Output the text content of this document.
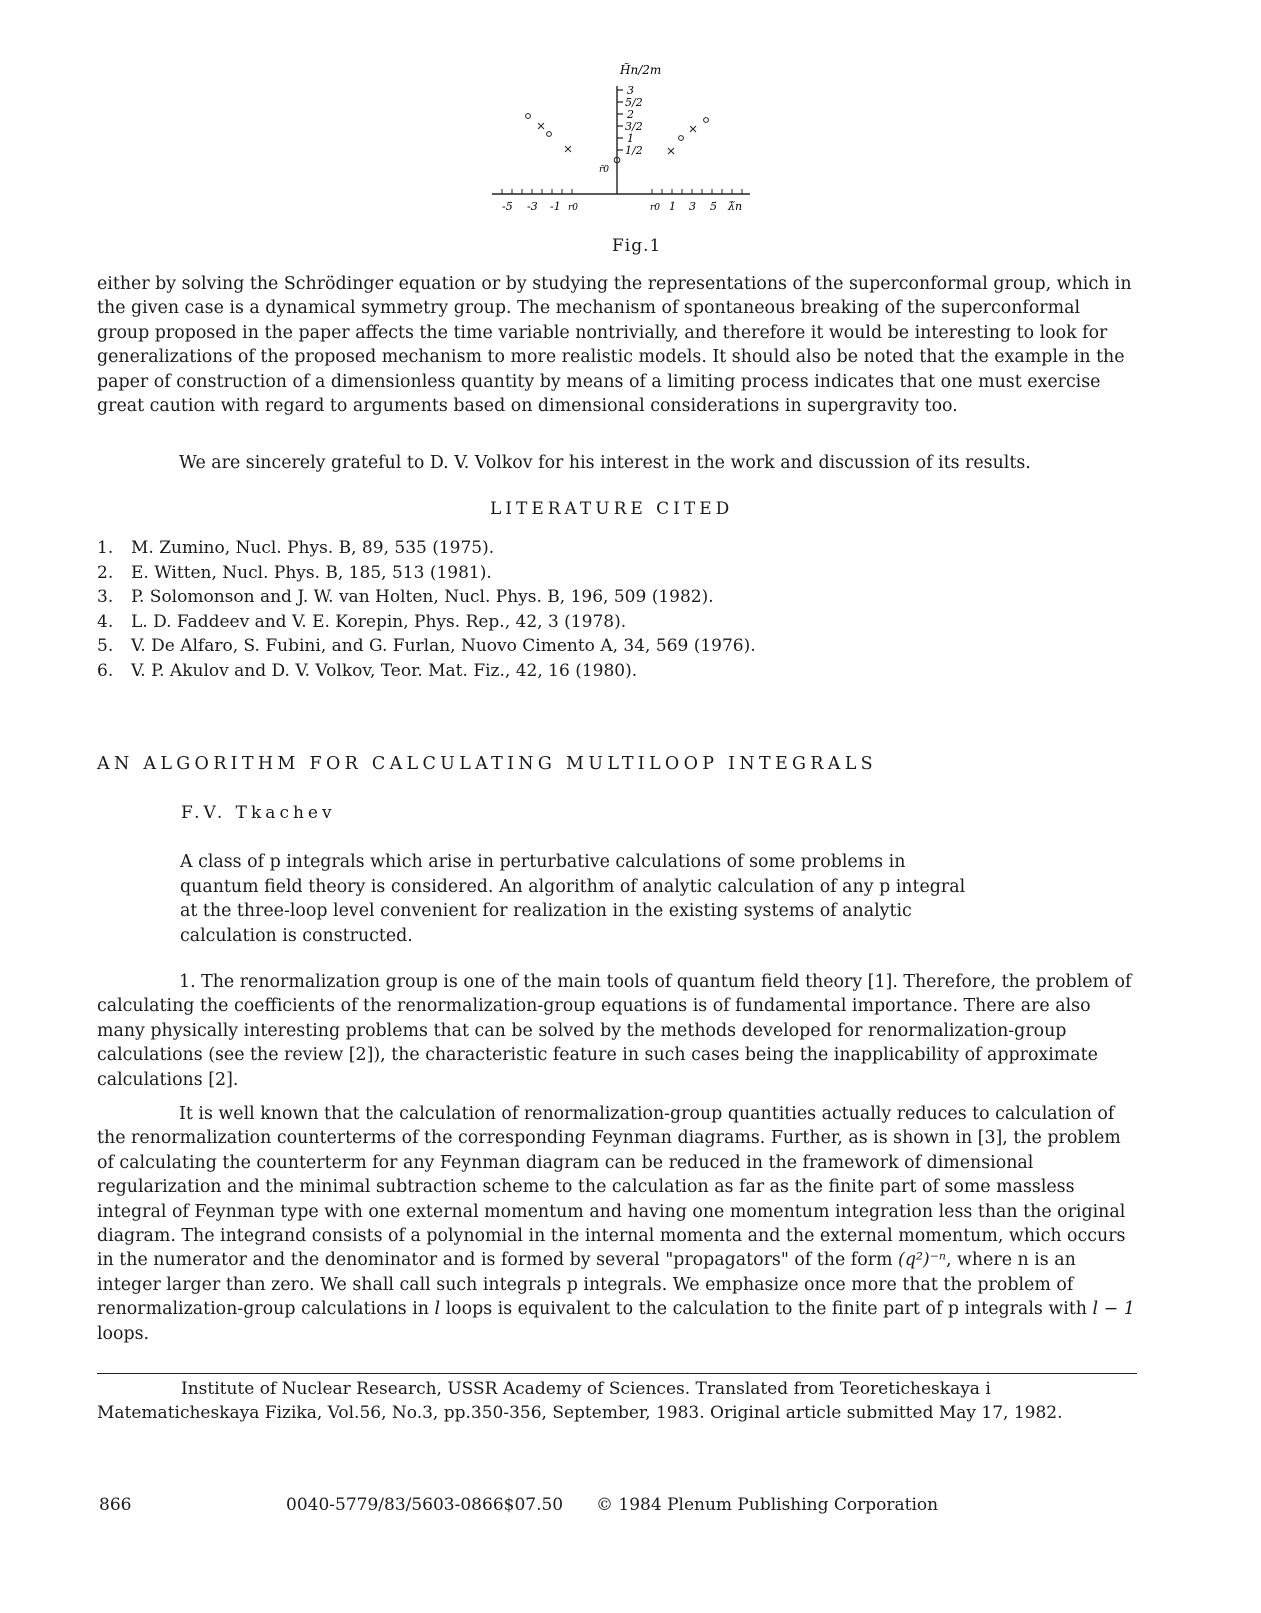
3
5/2
2
3/2
1
1/2
H̃n/2m
r̃0
-5 -3 -1 r0	r0 1 3 5 λ̃n
Fig.1

either by solving the Schrödinger equation or by studying the representations of the superconformal group, which in the given case is a dynamical symmetry group. The mechanism of spontaneous breaking of the superconformal group proposed in the paper affects the time variable nontrivially, and therefore it would be interesting to look for generalizations of the proposed mechanism to more realistic models. It should also be noted that the example in the paper of construction of a dimensionless quantity by means of a limiting process indicates that one must exercise great caution with regard to arguments based on dimensional considerations in supergravity too.

We are sincerely grateful to D. V. Volkov for his interest in the work and discussion of its results.

LITERATURE CITED
1. M. Zumino, Nucl. Phys. B, 89, 535 (1975).
2. E. Witten, Nucl. Phys. B, 185, 513 (1981).
3. P. Solomonson and J. W. van Holten, Nucl. Phys. B, 196, 509 (1982).
4. L. D. Faddeev and V. E. Korepin, Phys. Rep., 42, 3 (1978).
5. V. De Alfaro, S. Fubini, and G. Furlan, Nuovo Cimento A, 34, 569 (1976).
6. V. P. Akulov and D. V. Volkov, Teor. Mat. Fiz., 42, 16 (1980).
AN ALGORITHM FOR CALCULATING MULTILOOP INTEGRALS
F.V. Tkachev

A class of p integrals which arise in perturbative calculations of some problems in quantum field theory is considered. An algorithm of analytic calculation of any p integral at the three-loop level convenient for realization in the existing systems of analytic calculation is constructed.

1. The renormalization group is one of the main tools of quantum field theory [1]. Therefore, the problem of calculating the coefficients of the renormalization-group equations is of fundamental importance. There are also many physically interesting problems that can be solved by the methods developed for renormalization-group calculations (see the review [2]), the characteristic feature in such cases being the inapplicability of approximate calculations [2].

It is well known that the calculation of renormalization-group quantities actually reduces to calculation of the renormalization counterterms of the corresponding Feynman diagrams. Further, as is shown in [3], the problem of calculating the counterterm for any Feynman diagram can be reduced in the framework of dimensional regularization and the minimal subtraction scheme to the calculation as far as the finite part of some massless integral of Feynman type with one external momentum and having one momentum integration less than the original diagram. The integrand consists of a polynomial in the internal momenta and the external momentum, which occurs in the numerator and the denominator and is formed by several "propagators" of the form (q²)⁻ⁿ, where n is an integer larger than zero. We shall call such integrals p integrals. We emphasize once more that the problem of renormalization-group calculations in l loops is equivalent to the calculation to the finite part of p integrals with l − 1 loops.

Institute of Nuclear Research, USSR Academy of Sciences. Translated from Teoreticheskaya i Matematicheskaya Fizika, Vol.56, No.3, pp.350-356, September, 1983. Original article submitted May 17, 1982.

866	0040-5779/83/5603-0866$07.50 © 1984 Plenum Publishing Corporation
